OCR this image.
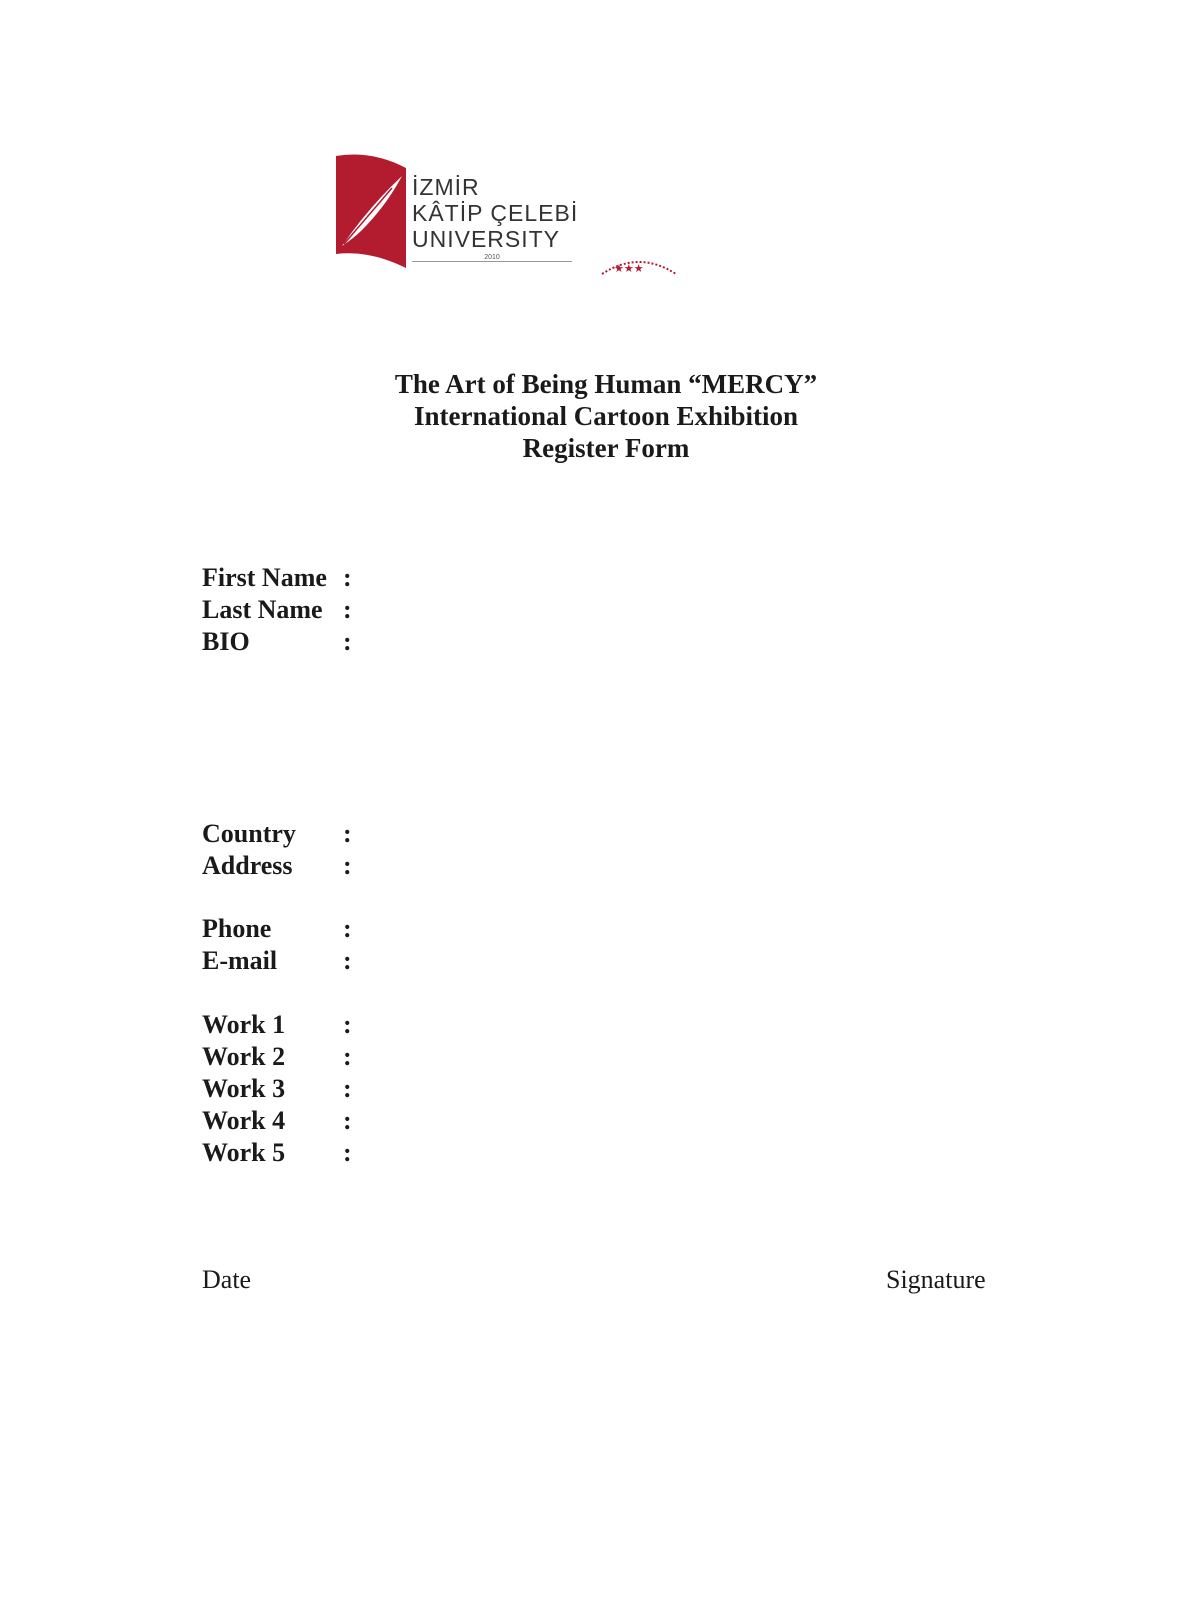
★★★
İZMİR
KÂTİP ÇELEBİ
UNIVERSITY
2010
The Art of Being Human “MERCY”
International Cartoon Exhibition
Register Form
First Name :
Last Name :
BIO	:
Country :
Address :
Phone	:
E-mail	:
Work 1 :
Work 2 :
Work 3 :
Work 4 :
Work 5 :
Date	Signature
